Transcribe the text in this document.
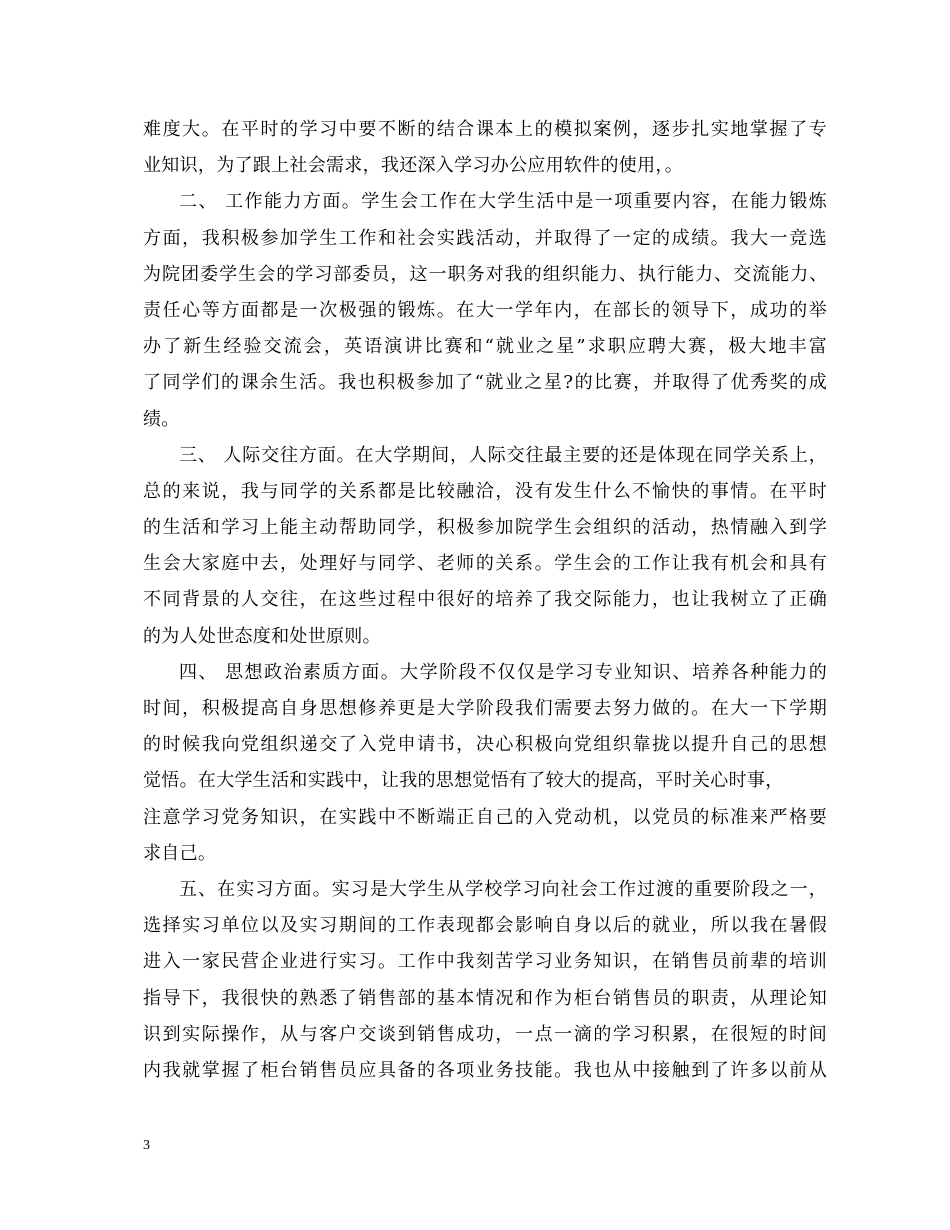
难度大。在平时的学习中要不断的结合课本上的模拟案例，逐步扎实地掌握了专
业知识，为了跟上社会需求，我还深入学习办公应用软件的使用，。
二、 工作能力方面。学生会工作在大学生活中是一项重要内容，在能力锻炼
方面，我积极参加学生工作和社会实践活动，并取得了一定的成绩。我大一竞选
为院团委学生会的学习部委员，这一职务对我的组织能力、执行能力、交流能力、
责任心等方面都是一次极强的锻炼。在大一学年内，在部长的领导下，成功的举
办了新生经验交流会，英语演讲比赛和“就业之星”求职应聘大赛，极大地丰富
了同学们的课余生活。我也积极参加了“就业之星?的比赛，并取得了优秀奖的成
绩。
三、 人际交往方面。在大学期间，人际交往最主要的还是体现在同学关系上，
总的来说，我与同学的关系都是比较融洽，没有发生什么不愉快的事情。在平时
的生活和学习上能主动帮助同学，积极参加院学生会组织的活动，热情融入到学
生会大家庭中去，处理好与同学、老师的关系。学生会的工作让我有机会和具有
不同背景的人交往，在这些过程中很好的培养了我交际能力，也让我树立了正确
的为人处世态度和处世原则。
四、 思想政治素质方面。大学阶段不仅仅是学习专业知识、培养各种能力的
时间，积极提高自身思想修养更是大学阶段我们需要去努力做的。在大一下学期
的时候我向党组织递交了入党申请书，决心积极向党组织靠拢以提升自己的思想
觉悟。在大学生活和实践中，让我的思想觉悟有了较大的提高，平时关心时事，
注意学习党务知识，在实践中不断端正自己的入党动机，以党员的标准来严格要
求自己。
五、在实习方面。实习是大学生从学校学习向社会工作过渡的重要阶段之一，
选择实习单位以及实习期间的工作表现都会影响自身以后的就业，所以我在暑假
进入一家民营企业进行实习。工作中我刻苦学习业务知识，在销售员前辈的培训
指导下，我很快的熟悉了销售部的基本情况和作为柜台销售员的职责，从理论知
识到实际操作，从与客户交谈到销售成功，一点一滴的学习积累，在很短的时间
内我就掌握了柜台销售员应具备的各项业务技能。我也从中接触到了许多以前从
3
